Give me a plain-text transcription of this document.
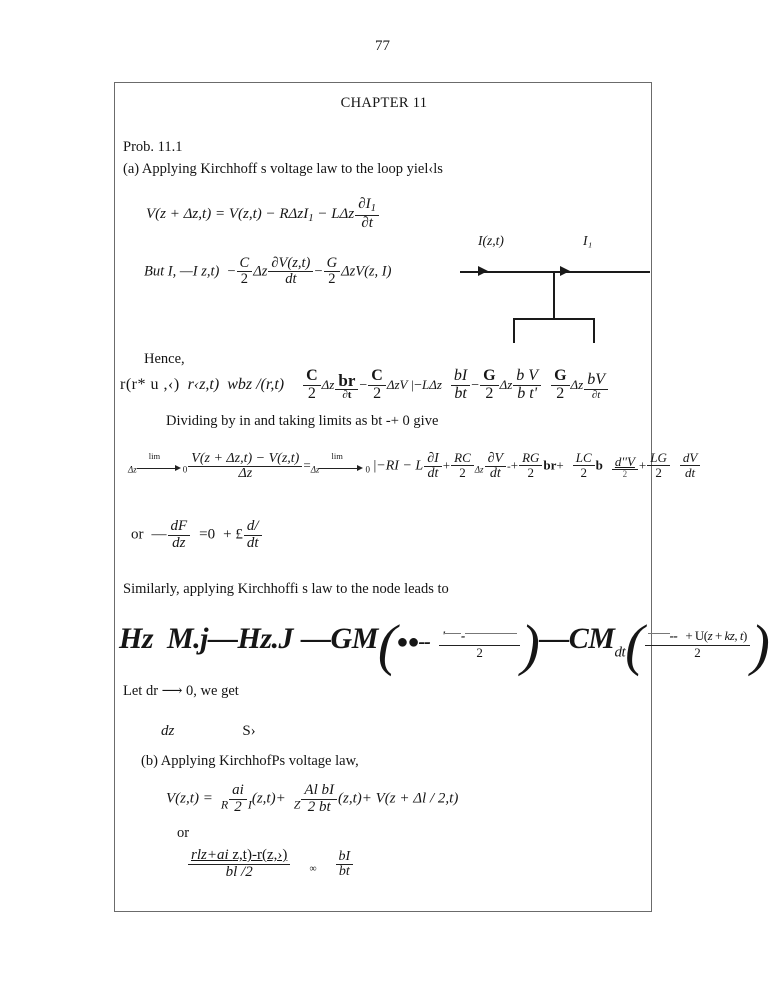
77
CHAPTER 11
Prob. 11.1
(a) Applying Kirchhoff s voltage law to the loop yiel‹ls
V(z + Δz,t) = V(z,t) − RΔzI$_1$ − LΔz $\frac{\partial I_1}{\partial t}$
But I, —I $z,t) - \frac{C}{2}$ Δz $\frac{\partial V(z,t)}{dt} - \frac{G}{2} \Delta zV(z$, I)
Hence,
r(r* u ,‹) r‹z,t) wbz $/(r,t) \frac{C}{2}$ Δz $\frac{br}{\partial t} - \frac{C}{2}$ ΔzV $|-L\Delta z \frac{bI}{bt} - \frac{G}{2}$ Δz $\frac{\text{b V}}{\text{b t'}} \frac{G}{2}$ Δz $\frac{bV}{\partial t}$
Dividing by in and taking limits as bt -+ 0 give
$_{\Delta z}$
lim
$_0 \frac{V(z + \Delta z,t) - V(z,t)}{\Delta z} =_{\Delta z}$
lim
$_0$ |−RI − L $\frac{\partial I}{dt} + \frac{RC}{2} _{\Delta z} \frac{\partial V}{dt} -+ \frac{RG}{2} br+ \frac{LC}{2}$ b $\frac{d''V}{2} + \frac{LG}{2} \frac{dV}{dt}$
or — $\frac{dF}{dz} =0$ + £ $\frac{d/}{dt}$
Similarly, applying Kirchhoffi s law to the node leads to
Hz  M.j—Hz.J —GM(●●-- $\frac{' -}{2}$ )$—CM_{dt}( \frac{-- + U(z + kz, t)}{2}$ )
Let dr ⟶ 0, we get
dz	S›
(b) Applying KirchhofPs voltage law,
$V(z,t) = _R \frac{ai}{2} _I(z,t)+ _Z \frac{\text{Al bI}}{2 bt} (z,t)+ V(z + \Delta l / 2,t)$
or
$\frac{\text{rlz+ai z,t)-r(z,›)}}{bl /2} _\infty \frac{bI}{bt}$
I(z,t)	I₁
